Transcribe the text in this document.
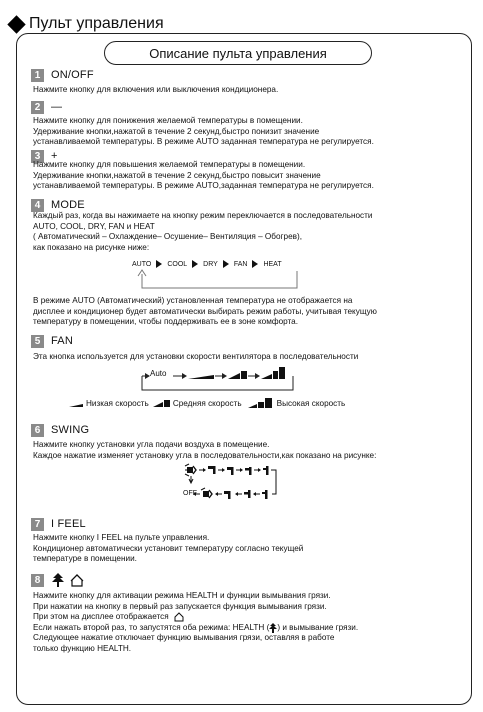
Пульт управления
Описание пульта управления
1 ON/OFF
Нажмите кнопку для включения или выключения кондиционера.
2 —
Нажмите кнопку для понижения желаемой температуры в помещении.
Удерживание кнопки,нажатой в течение 2 секунд,быстро понизит значение
устанавливаемой температуры. В режиме AUTO заданная температура не регулируется.
3 +
Нажмите кнопку для повышения желаемой температуры в помещении.
Удерживание кнопки,нажатой в течение 2 секунд,быстро повысит значение
устанавливаемой температуры. В режиме AUTO,заданная температура не регулируется.
4 MODE
Каждый раз, когда вы нажимаете на кнопку режим переключается в последовательности
AUTO, COOL, DRY, FAN и HEAT
( Автоматический – Охлаждение– Осушение– Вентиляция – Обогрев),
как показано на рисунке ниже:
AUTO COOL DRY FAN HEAT
В режиме AUTO (Автоматический) установленная температура не отображается на
дисплее и кондиционер будет автоматически выбирать режим работы, учитывая текущую
температуру в помещении, чтобы поддерживать ее в зоне комфорта.
5 FAN
Эта кнопка используется для установки скорости вентилятора в последовательности
Auto
Низкая скорость	Средняя скорость	Высокая скорость
6 SWING
Нажмите кнопку установки угла подачи воздуха в помещение.
Каждое нажатие изменяет установку угла в последовательности,как показано на рисунке:
OFF
7 I FEEL
Нажмите кнопку I FEEL на пульте управления.
Кондиционер автоматически установит температуру согласно текущей
температуре в помещении.
8
Нажмите кнопку для активации режима HEALTH и функции вымывания грязи.
При нажатии на кнопку в первый раз запускается функция вымывания грязи.
При этом на дисплее отображается
Если нажать второй раз, то запустятся оба режима: HEALTH ( ) и вымывание грязи.
Следующее нажатие отключает функцию вымывания грязи, оставляя в работе
только функцию HEALTH.
